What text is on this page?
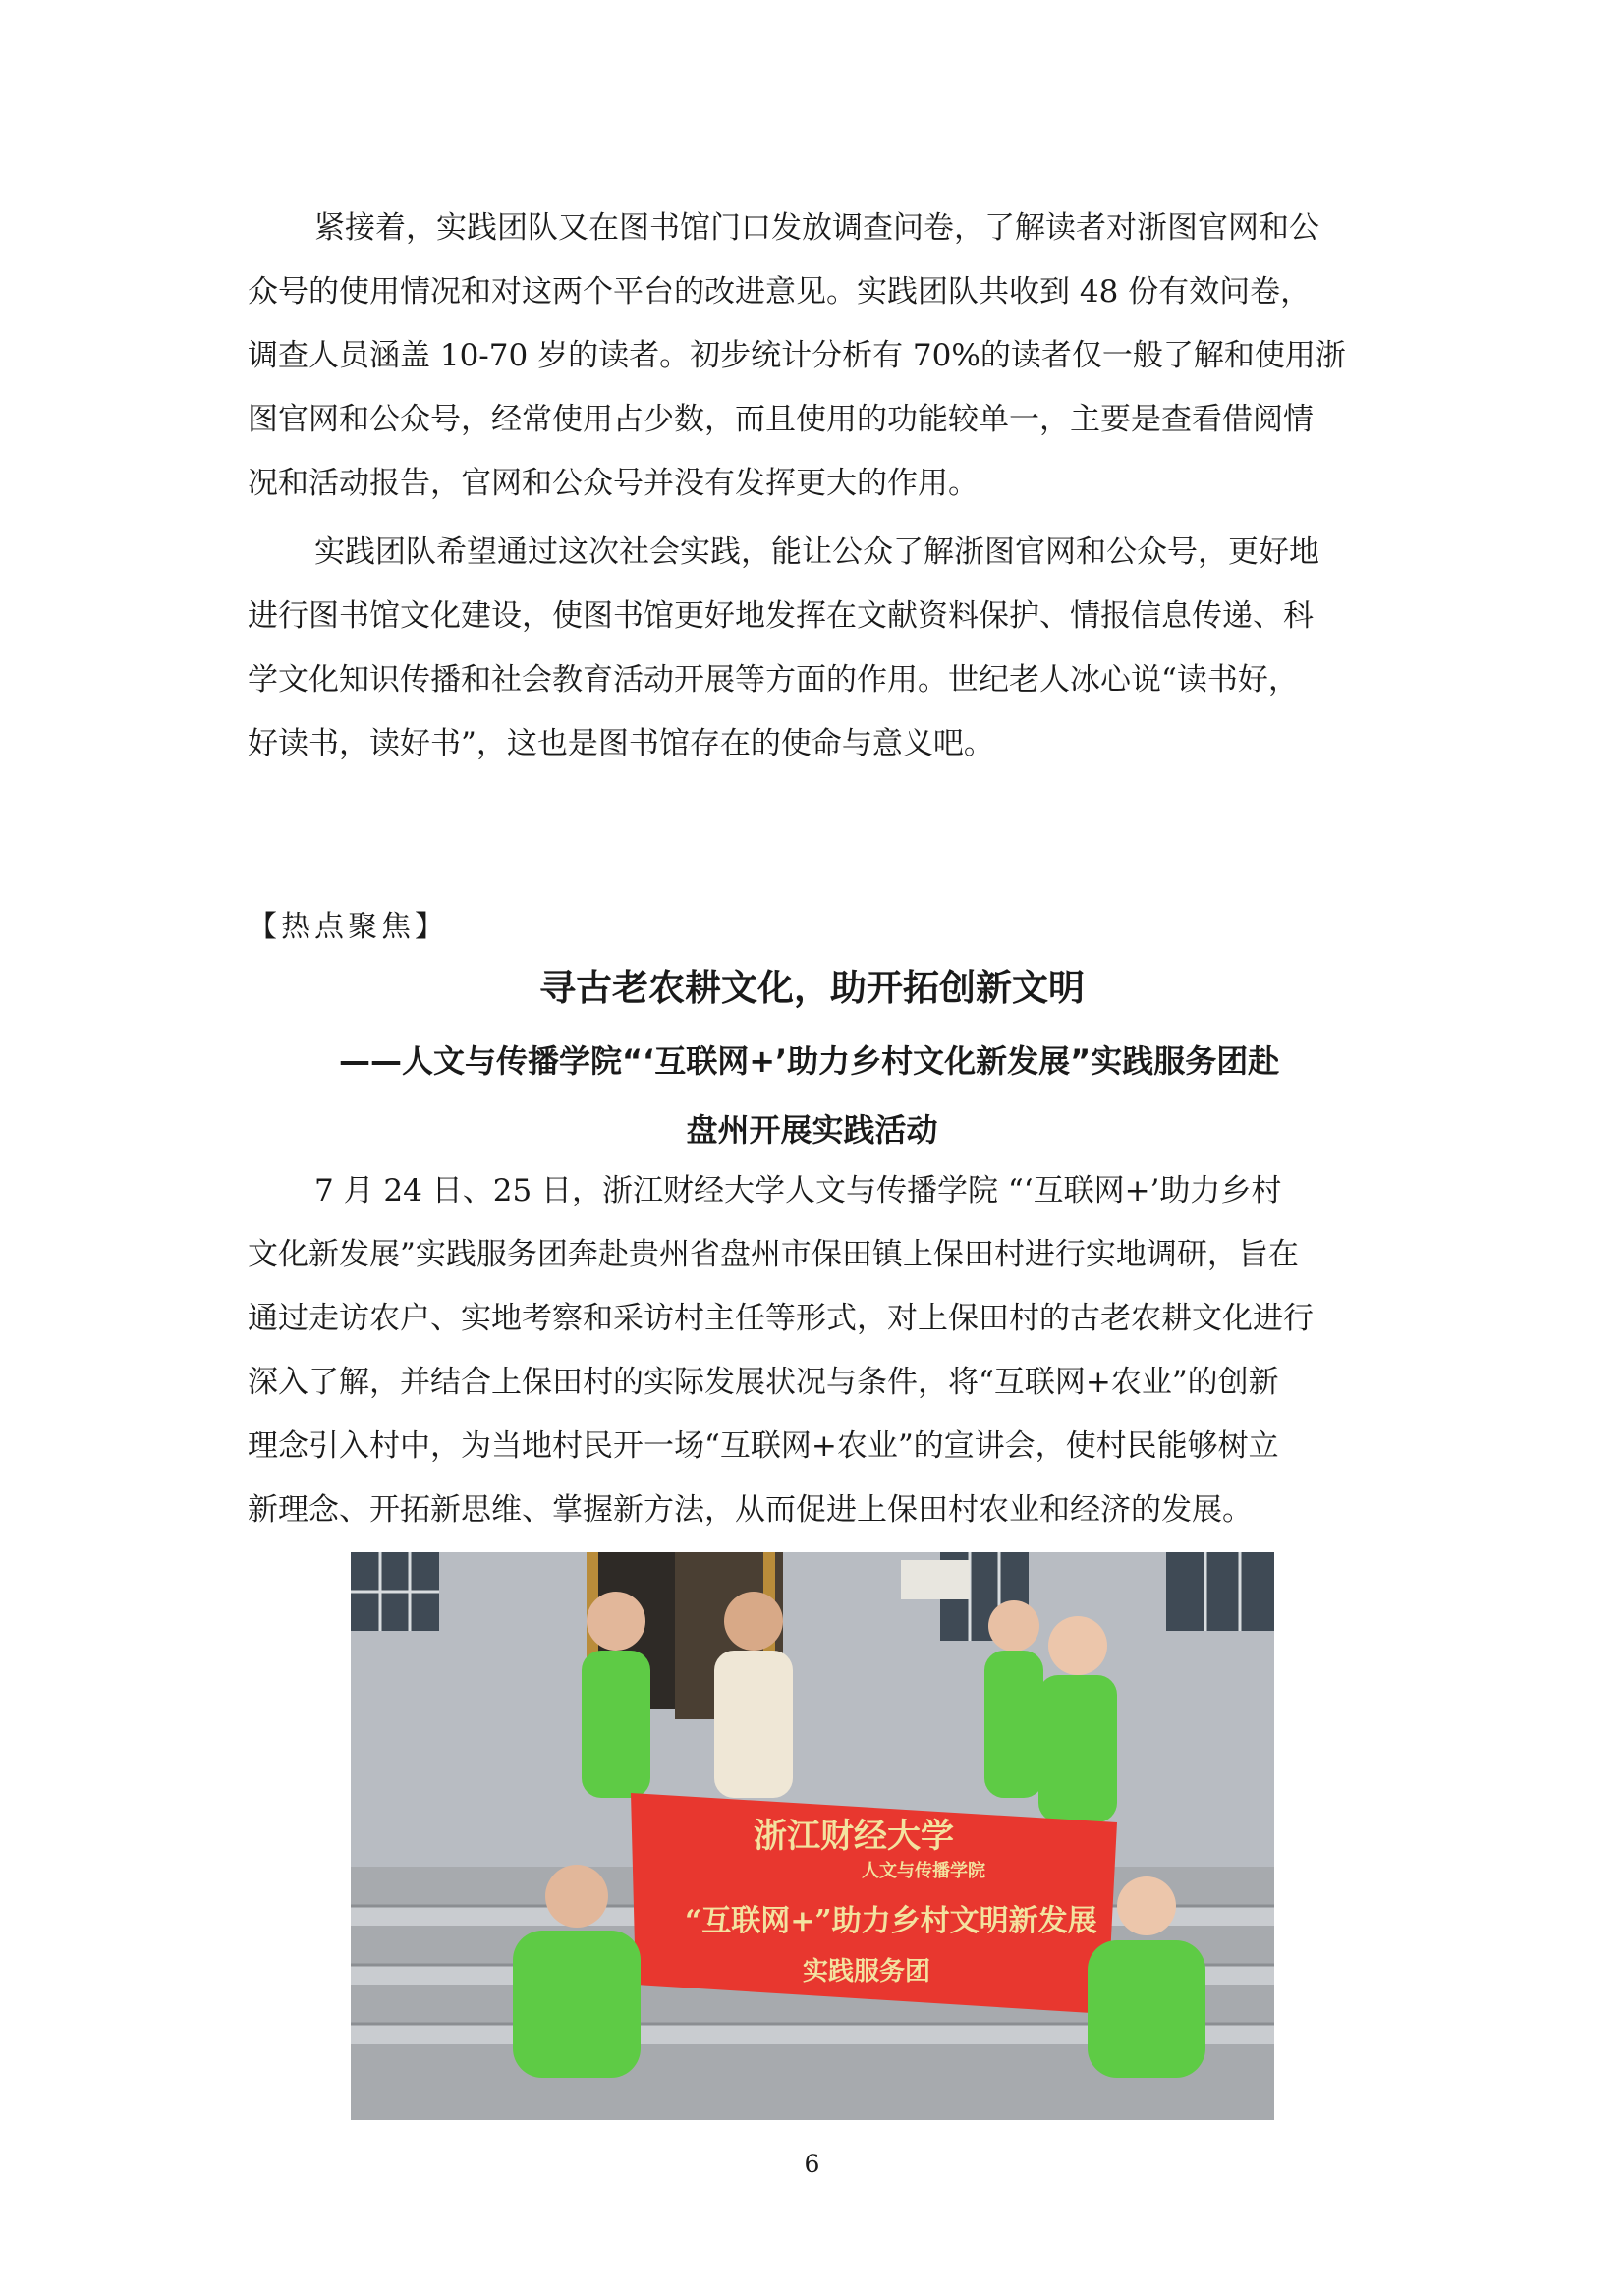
紧接着，实践团队又在图书馆门口发放调查问卷，了解读者对浙图官网和公
众号的使用情况和对这两个平台的改进意见。实践团队共收到 48 份有效问卷，
调查人员涵盖 10-70 岁的读者。初步统计分析有 70%的读者仅一般了解和使用浙
图官网和公众号，经常使用占少数，而且使用的功能较单一，主要是查看借阅情
况和活动报告，官网和公众号并没有发挥更大的作用。
实践团队希望通过这次社会实践，能让公众了解浙图官网和公众号，更好地
进行图书馆文化建设，使图书馆更好地发挥在文献资料保护、情报信息传递、科
学文化知识传播和社会教育活动开展等方面的作用。世纪老人冰心说“读书好，
好读书，读好书”，这也是图书馆存在的使命与意义吧。
【热点聚焦】
寻古老农耕文化，助开拓创新文明
——人文与传播学院“‘互联网+’助力乡村文化新发展”实践服务团赴
盘州开展实践活动
7 月 24 日、25 日，浙江财经大学人文与传播学院 “‘互联网+’助力乡村
文化新发展”实践服务团奔赴贵州省盘州市保田镇上保田村进行实地调研，旨在
通过走访农户、实地考察和采访村主任等形式，对上保田村的古老农耕文化进行
深入了解，并结合上保田村的实际发展状况与条件，将“互联网+农业”的创新
理念引入村中，为当地村民开一场“互联网+农业”的宣讲会，使村民能够树立
新理念、开拓新思维、掌握新方法，从而促进上保田村农业和经济的发展。
浙江财经大学
人文与传播学院
“互联网+”助力乡村文明新发展
实践服务团
6
